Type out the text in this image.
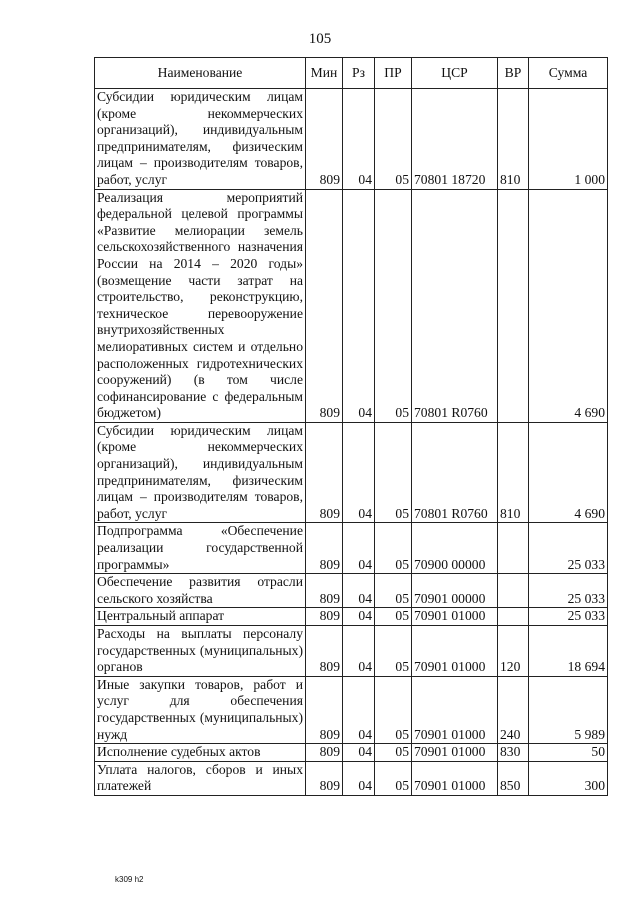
105
Наименование	Мин	Рз	ПР	ЦСР	ВР	Сумма
Субсидии юридическим лицам (кроме некоммерческих организаций), индивидуальным предпринимателям, физическим лицам – производителям товаров, работ, услуг	809	04	05	70801 18720	810	1 000
Реализация мероприятий федеральной целевой программы «Развитие мелиорации земель сельскохозяйственного назначения России на 2014 – 2020 годы» (возмещение части затрат на строительство, реконструкцию, техническое перевооружение внутрихозяйственных мелиоративных систем и отдельно расположенных гидротехнических сооружений) (в том числе софинансирование с федеральным бюджетом)	809	04	05	70801 R0760		4 690
Субсидии юридическим лицам (кроме некоммерческих организаций), индивидуальным предпринимателям, физическим лицам – производителям товаров, работ, услуг	809	04	05	70801 R0760	810	4 690
Подпрограмма «Обеспечение реализации государственной программы»	809	04	05	70900 00000		25 033
Обеспечение развития отрасли сельского хозяйства	809	04	05	70901 00000		25 033
Центральный аппарат	809	04	05	70901 01000		25 033
Расходы на выплаты персоналу государственных (муниципальных) органов	809	04	05	70901 01000	120	18 694
Иные закупки товаров, работ и услуг для обеспечения государственных (муниципальных) нужд	809	04	05	70901 01000	240	5 989
Исполнение судебных актов	809	04	05	70901 01000	830	50
Уплата налогов, сборов и иных платежей	809	04	05	70901 01000	850	300
k309 h2
